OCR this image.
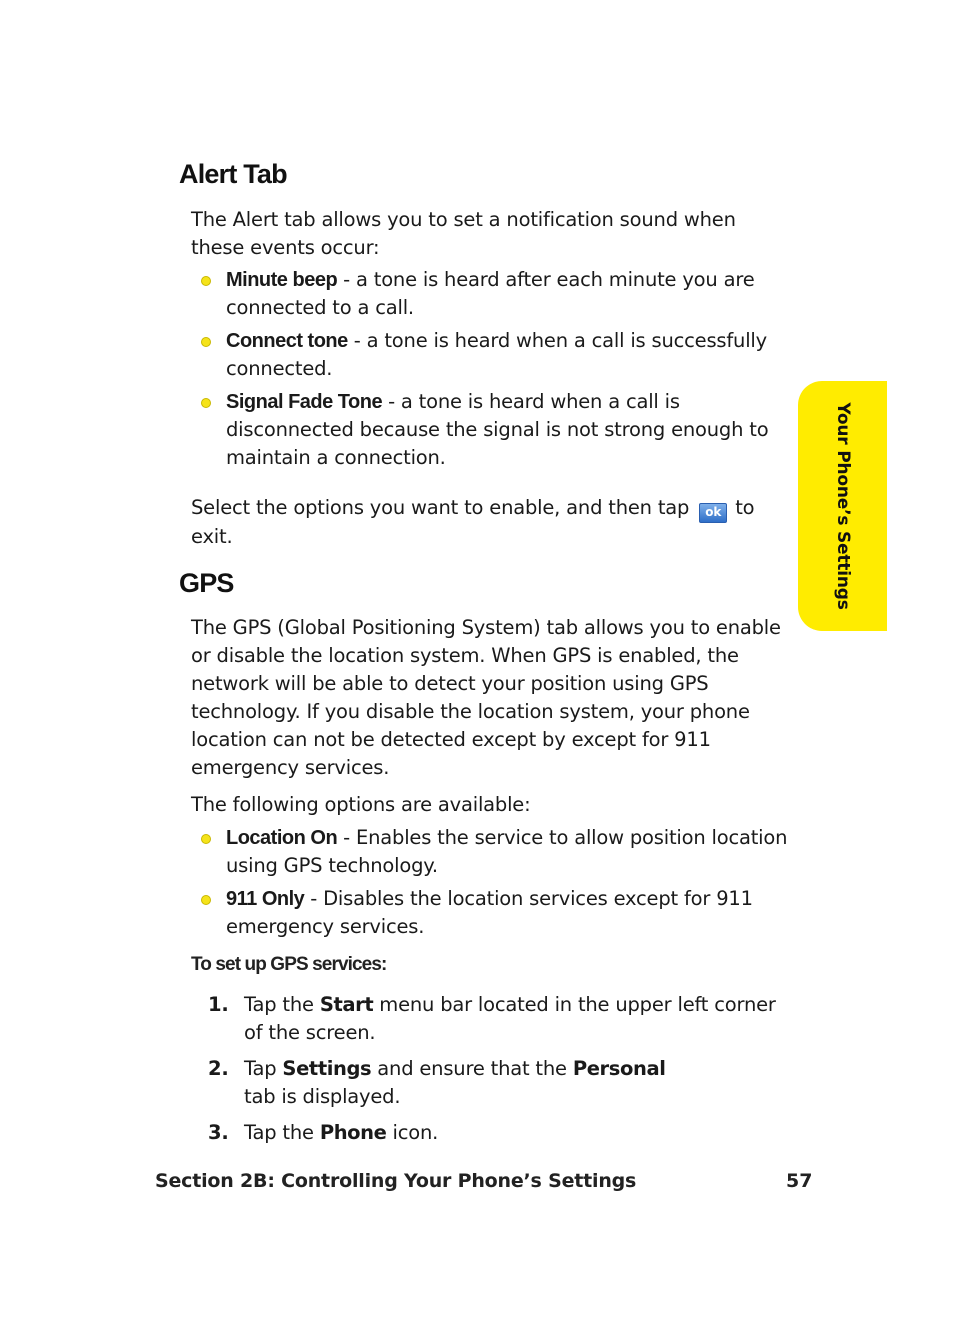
Alert Tab

The Alert tab allows you to set a notification sound when these events occur:

Minute beep - a tone is heard after each minute you are connected to a call.
Connect tone - a tone is heard when a call is successfully connected.
Signal Fade Tone - a tone is heard when a call is disconnected because the signal is not strong enough to maintain a connection.

Select the options you want to enable, and then tap ok to exit.

GPS

The GPS (Global Positioning System) tab allows you to enable or disable the location system. When GPS is enabled, the network will be able to detect your position using GPS technology. If you disable the location system, your phone location can not be detected except by except for 911 emergency services.

The following options are available:

Location On - Enables the service to allow position location using GPS technology.
911 Only - Disables the location services except for 911 emergency services.
To set up GPS services:
1. Tap the Start menu bar located in the upper left corner of the screen.
2. Tap Settings and ensure that the Personal tab is displayed.
3. Tap the Phone icon.
Your Phone’s Settings
Section 2B: Controlling Your Phone’s Settings	57
